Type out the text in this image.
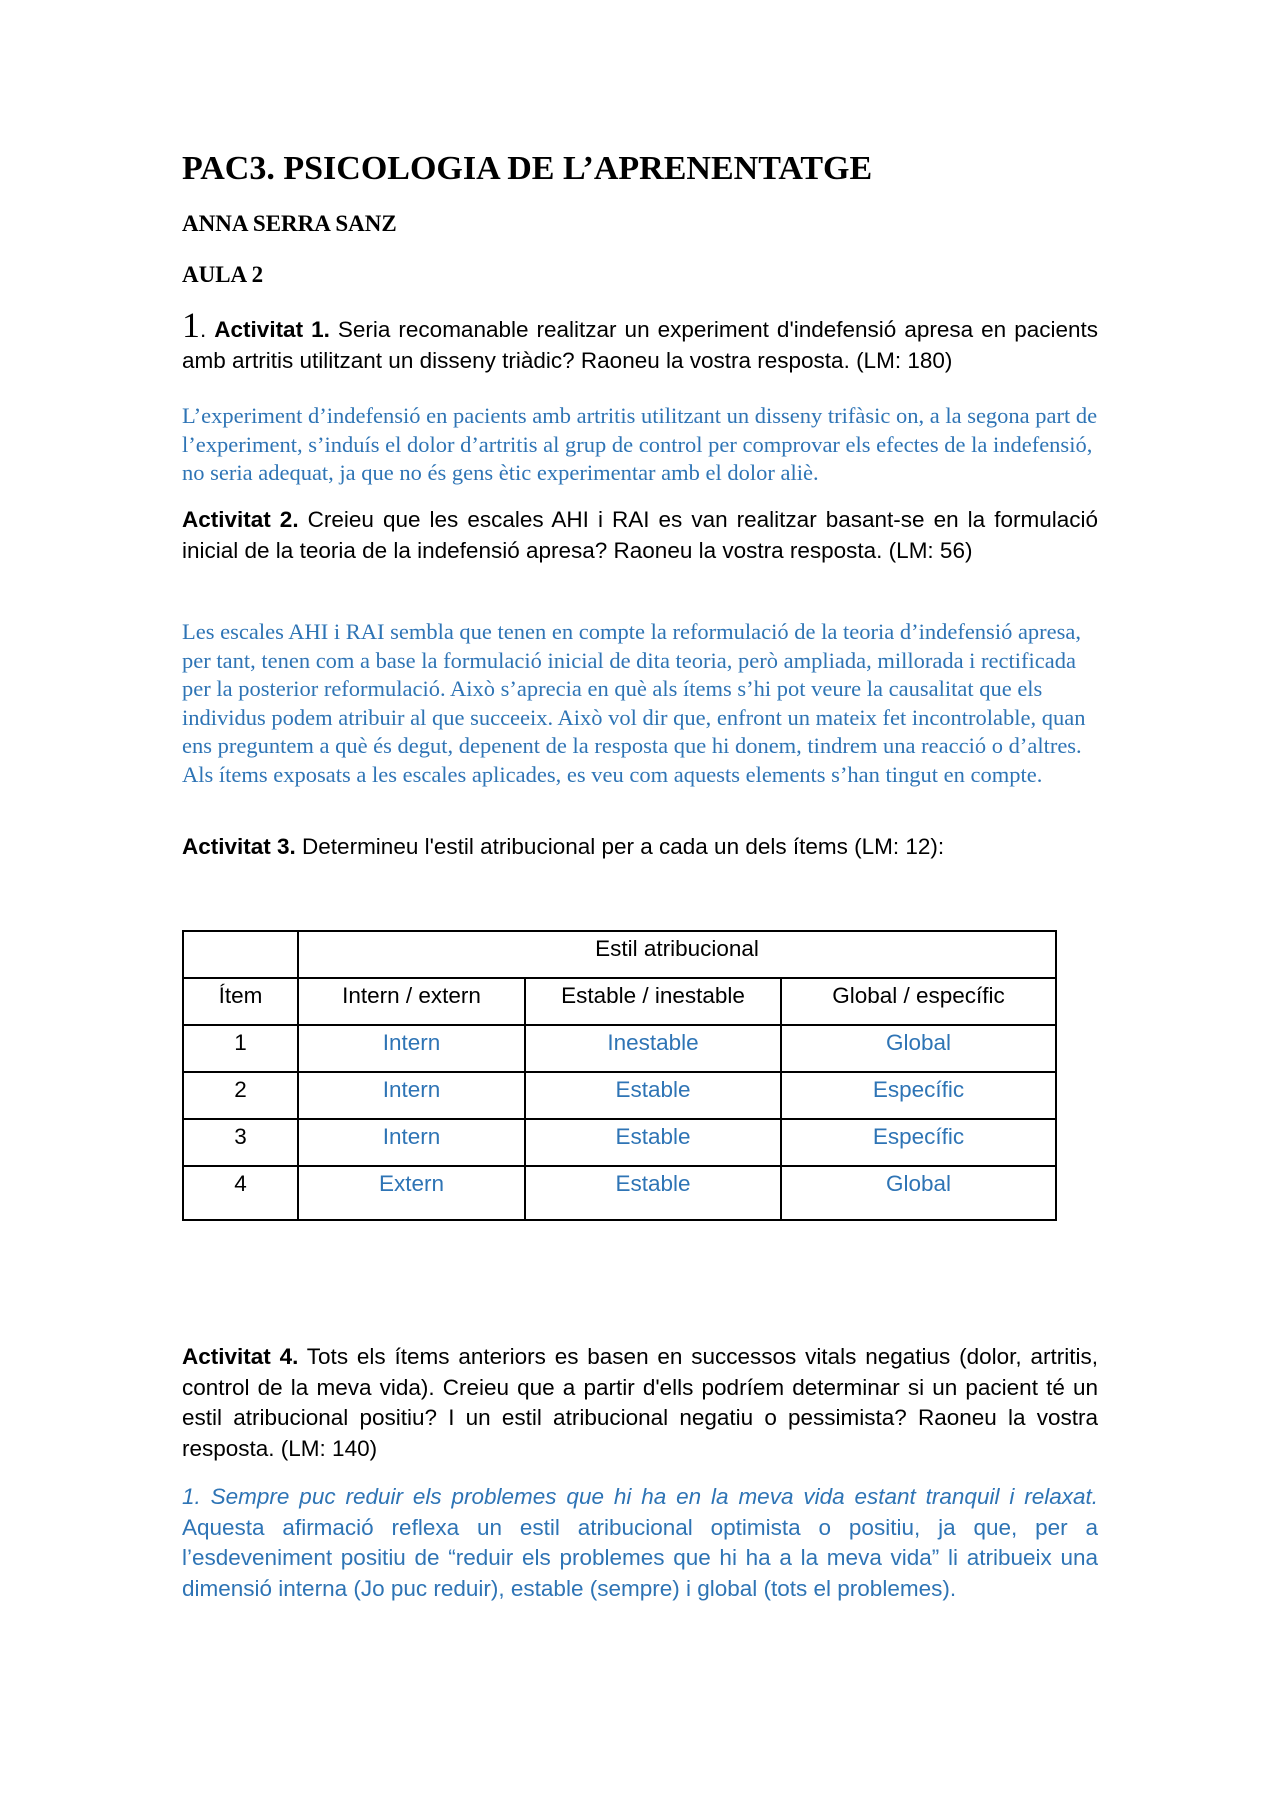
PAC3. PSICOLOGIA DE L’APRENENTATGE
ANNA SERRA SANZ
AULA 2
1. Activitat 1. Seria recomanable realitzar un experiment d'indefensió apresa en pacients amb artritis utilitzant un disseny triàdic? Raoneu la vostra resposta. (LM: 180)
L’experiment d’indefensió en pacients amb artritis utilitzant un disseny trifàsic on, a la segona part de l’experiment, s’induís el dolor d’artritis al grup de control per comprovar els efectes de la indefensió, no seria adequat, ja que no és gens ètic experimentar amb el dolor aliè.
Activitat 2. Creieu que les escales AHI i RAI es van realitzar basant-se en la formulació inicial de la teoria de la indefensió apresa? Raoneu la vostra resposta. (LM: 56)
Les escales AHI i RAI sembla que tenen en compte la reformulació de la teoria d’indefensió apresa, per tant, tenen com a base la formulació inicial de dita teoria, però ampliada, millorada i rectificada per la posterior reformulació. Això s’aprecia en què als ítems s’hi pot veure la causalitat que els individus podem atribuir al que succeeix. Això vol dir que, enfront un mateix fet incontrolable, quan ens preguntem a què és degut, depenent de la resposta que hi donem, tindrem una reacció o d’altres. Als ítems exposats a les escales aplicades, es veu com aquests elements s’han tingut en compte.
Activitat 3. Determineu l'estil atribucional per a cada un dels ítems (LM: 12):
	Estil atribucional		
Ítem	Intern / extern	Estable / inestable	Global / específic
1	Intern	Inestable	Global
2	Intern	Estable	Específic
3	Intern	Estable	Específic
4	Extern	Estable	Global
Activitat 4. Tots els ítems anteriors es basen en successos vitals negatius (dolor, artritis, control de la meva vida). Creieu que a partir d'ells podríem determinar si un pacient té un estil atribucional positiu? I un estil atribucional negatiu o pessimista? Raoneu la vostra resposta. (LM: 140)
1. Sempre puc reduir els problemes que hi ha en la meva vida estant tranquil i relaxat. Aquesta afirmació reflexa un estil atribucional optimista o positiu, ja que, per a l’esdeveniment positiu de “reduir els problemes que hi ha a la meva vida” li atribueix una dimensió interna (Jo puc reduir), estable (sempre) i global (tots el problemes).
